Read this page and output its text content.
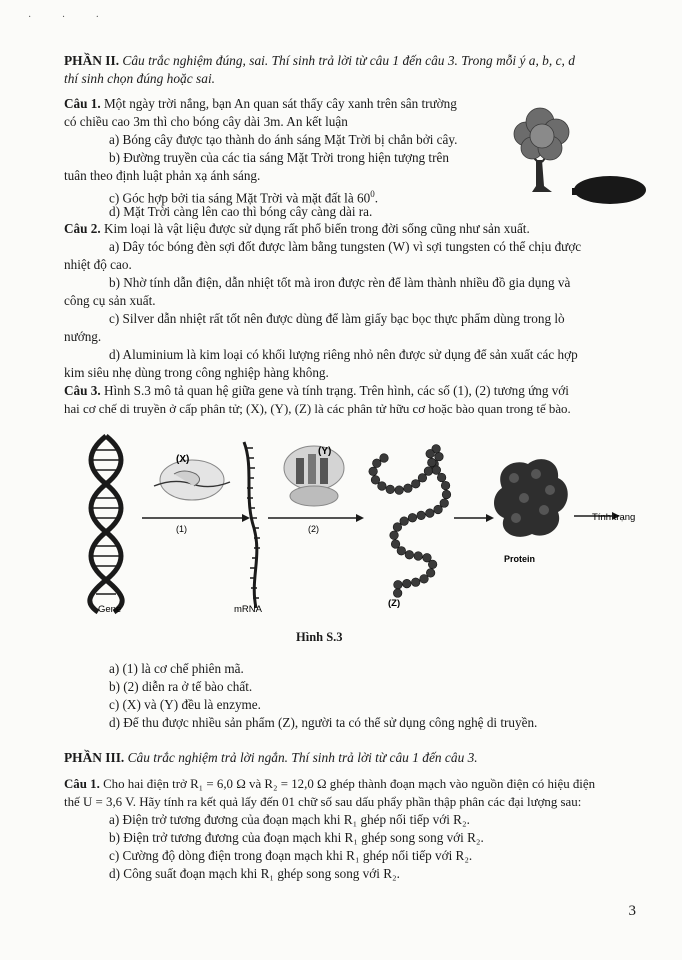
· · ·

PHẦN II. Câu trắc nghiệm đúng, sai. Thí sinh trả lời từ câu 1 đến câu 3. Trong mỗi ý a, b, c, d

thí sinh chọn đúng hoặc sai.

Câu 1. Một ngày trời nắng, bạn An quan sát thấy cây xanh trên sân trường

có chiều cao 3m thì cho bóng cây dài 3m. An kết luận

a) Bóng cây được tạo thành do ánh sáng Mặt Trời bị chắn bởi cây.

b) Đường truyền của các tia sáng Mặt Trời trong hiện tượng trên

tuân theo định luật phản xạ ánh sáng.

c) Góc hợp bởi tia sáng Mặt Trời và mặt đất là $60^0$.

d) Mặt Trời càng lên cao thì bóng cây càng dài ra.

Câu 2. Kim loại là vật liệu được sử dụng rất phổ biến trong đời sống cũng như sản xuất.

a) Dây tóc bóng đèn sợi đốt được làm bằng tungsten (W) vì sợi tungsten có thể chịu được

nhiệt độ cao.

b) Nhờ tính dẫn điện, dẫn nhiệt tốt mà iron được rèn để làm thành nhiều đồ gia dụng và

công cụ sản xuất.

c) Silver dẫn nhiệt rất tốt nên được dùng để làm giấy bạc bọc thực phẩm dùng trong lò

nướng.

d) Aluminium là kim loại có khối lượng riêng nhỏ nên được sử dụng để sản xuất các hợp

kim siêu nhẹ dùng trong công nghiệp hàng không.

Câu 3. Hình S.3 mô tả quan hệ giữa gene và tính trạng. Trên hình, các số (1), (2) tương ứng với

hai cơ chế di truyền ở cấp phân tử; (X), (Y), (Z) là các phân tử hữu cơ hoặc bào quan trong tế bào.

Gene	mRNA
(X)
(Y)
(Z)
(1)	(2)
Protein
Tính trạng

Hình S.3

a) (1) là cơ chế phiên mã.

b) (2) diễn ra ở tế bào chất.

c) (X) và (Y) đều là enzyme.

d) Để thu được nhiều sản phẩm (Z), người ta có thể sử dụng công nghệ di truyền.

PHẦN III. Câu trắc nghiệm trả lời ngắn. Thí sinh trả lời từ câu 1 đến câu 3.

Câu 1. Cho hai điện trở R₁ = 6,0 Ω và R₂ = 12,0 Ω ghép thành đoạn mạch vào nguồn điện có hiệu điện

thế U = 3,6 V. Hãy tính ra kết quả lấy đến 01 chữ số sau dấu phẩy phần thập phân các đại lượng sau:

a) Điện trở tương đương của đoạn mạch khi R₁ ghép nối tiếp với R₂.

b) Điện trở tương đương của đoạn mạch khi R₁ ghép song song với R₂.

c) Cường độ dòng điện trong đoạn mạch khi R₁ ghép nối tiếp với R₂.

d) Công suất đoạn mạch khi R₁ ghép song song với R₂.

3
